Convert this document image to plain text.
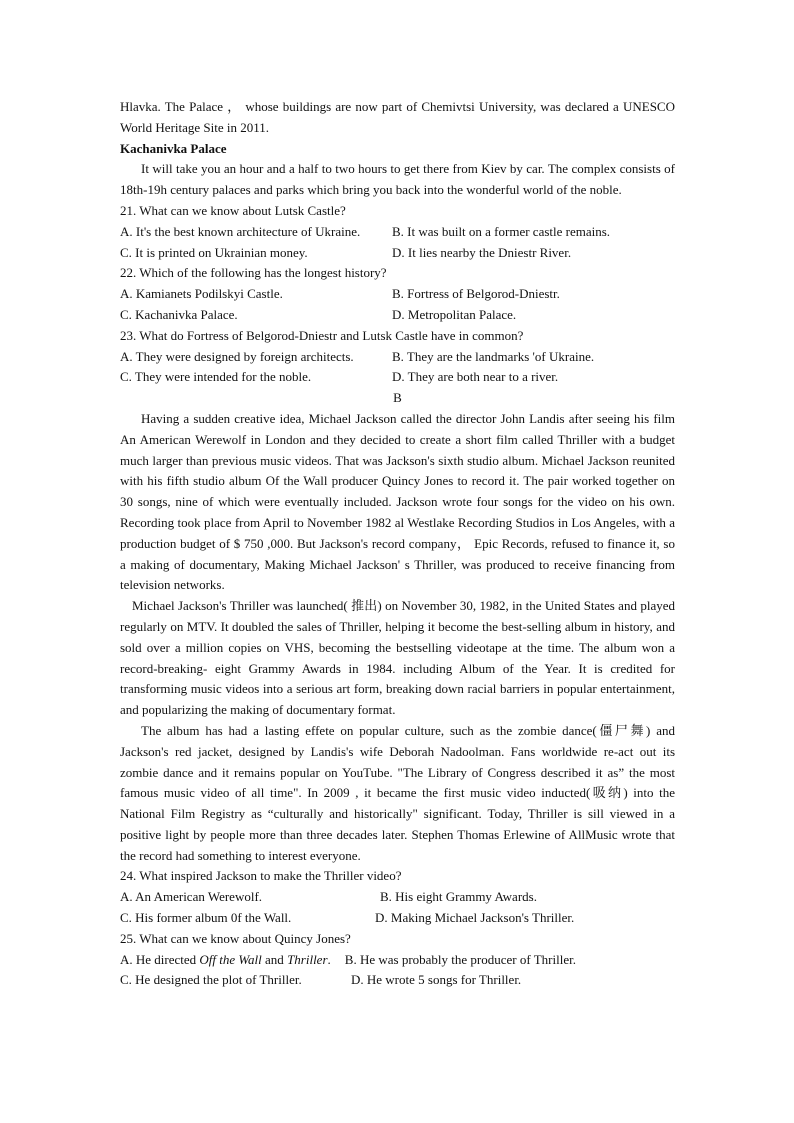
Hlavka. The Palace ， whose buildings are now part of Chemivtsi University, was declared a UNESCO World Heritage Site in 2011.

Kachanivka Palace

It will take you an hour and a half to two hours to get there from Kiev by car. The complex consists of 18th-19h century palaces and parks which bring you back into the wonderful world of the noble.

21. What can we know about Lutsk Castle?

A. It's the best known architecture of Ukraine.	B. It was built on a former castle remains.
C. It is printed on Ukrainian money.	D. It lies nearby the Dniestr River.

22. Which of the following has the longest history?

A. Kamianets Podilskyi Castle.	B. Fortress of Belgorod-Dniestr.
C. Kachanivka Palace.	D. Metropolitan Palace.

23. What do Fortress of Belgorod-Dniestr and Lutsk Castle have in common?

A. They were designed by foreign architects.	B. They are the landmarks 'of Ukraine.
C. They were intended for the noble.	D. They are both near to a river.

B

Having a sudden creative idea, Michael Jackson called the director John Landis after seeing his film An American Werewolf in London and they decided to create a short film called Thriller with a budget much larger than previous music videos. That was Jackson's sixth studio album. Michael Jackson reunited with his fifth studio album Of the Wall producer Quincy Jones to record it. The pair worked together on 30 songs, nine of which were eventually included. Jackson wrote four songs for the video on his own. Recording took place from April to November 1982 al Westlake Recording Studios in Los Angeles, with a production budget of $ 750 ,000. But Jackson's record company， Epic Records, refused to finance it, so a making of documentary, Making Michael Jackson' s Thriller, was produced to receive financing from television networks.

Michael Jackson's Thriller was launched( 推出) on November 30, 1982, in the United States and played regularly on MTV. It doubled the sales of Thriller, helping it become the best-selling album in history, and sold over a million copies on VHS, becoming the bestselling videotape at the time. The album won a record-breaking- eight Grammy Awards in 1984. including Album of the Year. It is credited for transforming music videos into a serious art form, breaking down racial barriers in popular entertainment, and popularizing the making of documentary format.

The album has had a lasting effete on popular culture, such as the zombie dance(僵尸舞) and Jackson's red jacket, designed by Landis's wife Deborah Nadoolman. Fans worldwide re-act out its zombie dance and it remains popular on YouTube. "The Library of Congress described it as” the most famous music video of all time". In 2009 , it became the first music video inducted(吸纳) into the National Film Registry as “culturally and historically" significant. Today, Thriller is sill viewed in a positive light by people more than three decades later. Stephen Thomas Erlewine of AllMusic wrote that the record had something to interest everyone.

24. What inspired Jackson to make the Thriller video?

A. An American Werewolf.	B. His eight Grammy Awards.
C. His former album 0f the Wall.	D. Making Michael Jackson's Thriller.

25. What can we know about Quincy Jones?

A. He directed Off the Wall and Thriller. B. He was probably the producer of Thriller.
C. He designed the plot of Thriller.	D. He wrote 5 songs for Thriller.
